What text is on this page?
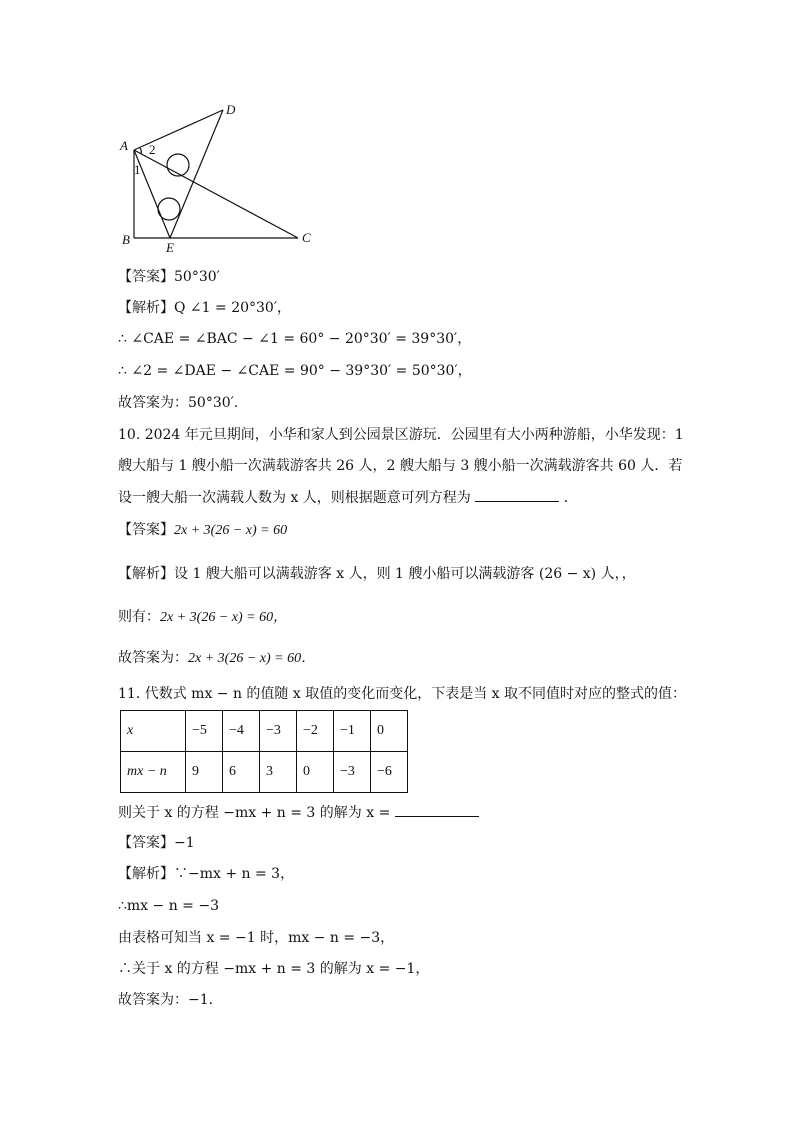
A
B	C
D
E
1
2
【答案】50°30′
【解析】Q ∠1 = 20°30′，
∴ ∠CAE = ∠BAC − ∠1 = 60° − 20°30′ = 39°30′，
∴ ∠2 = ∠DAE − ∠CAE = 90° − 39°30′ = 50°30′，
故答案为：50°30′.
10. 2024 年元旦期间，小华和家人到公园景区游玩．公园里有大小两种游船，小华发现：1
艘大船与 1 艘小船一次满载游客共 26 人，2 艘大船与 3 艘小船一次满载游客共 60 人．若
设一艘大船一次满载人数为 x 人，则根据题意可列方程为	．
【答案】2x + 3(26 − x) = 60
【解析】设 1 艘大船可以满载游客 x 人，则 1 艘小船可以满载游客 (26 − x) 人，，
则有：2x + 3(26 − x) = 60，
故答案为：2x + 3(26 − x) = 60．
11. 代数式 mx − n 的值随 x 取值的变化而变化，下表是当 x 取不同值时对应的整式的值：
x	−5	−4	−3	−2	−1	0
mx − n	9	6	3	0	−3	−6
则关于 x 的方程 −mx + n = 3 的解为 x =
【答案】−1
【解析】∵−mx + n = 3，
∴mx − n = −3
由表格可知当 x = −1 时，mx − n = −3，
∴关于 x 的方程 −mx + n = 3 的解为 x = −1，
故答案为：−1．
